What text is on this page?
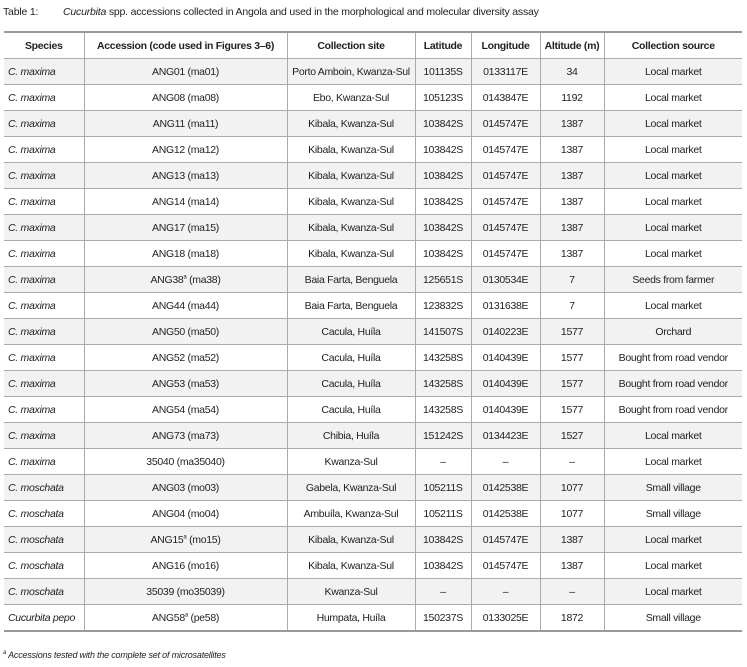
Table 1: Cucurbita spp. accessions collected in Angola and used in the morphological and molecular diversity assay
Species	Accession (code used in Figures 3–6)	Collection site	Latitude	Longitude	Altitude (m)	Collection source
C. maxima	ANG01 (ma01)	Porto Amboin, Kwanza-Sul	101135S	0133117E	34	Local market
C. maxima	ANG08 (ma08)	Ebo, Kwanza-Sul	105123S	0143847E	1192	Local market
C. maxima	ANG11 (ma11)	Kibala, Kwanza-Sul	103842S	0145747E	1387	Local market
C. maxima	ANG12 (ma12)	Kibala, Kwanza-Sul	103842S	0145747E	1387	Local market
C. maxima	ANG13 (ma13)	Kibala, Kwanza-Sul	103842S	0145747E	1387	Local market
C. maxima	ANG14 (ma14)	Kibala, Kwanza-Sul	103842S	0145747E	1387	Local market
C. maxima	ANG17 (ma15)	Kibala, Kwanza-Sul	103842S	0145747E	1387	Local market
C. maxima	ANG18 (ma18)	Kibala, Kwanza-Sul	103842S	0145747E	1387	Local market
C. maxima	ANG38$^a$ (ma38)	Baia Farta, Benguela	125651S	0130534E	7	Seeds from farmer
C. maxima	ANG44 (ma44)	Baia Farta, Benguela	123832S	0131638E	7	Local market
C. maxima	ANG50 (ma50)	Cacula, Huíla	141507S	0140223E	1577	Orchard
C. maxima	ANG52 (ma52)	Cacula, Huíla	143258S	0140439E	1577	Bought from road vendor
C. maxima	ANG53 (ma53)	Cacula, Huíla	143258S	0140439E	1577	Bought from road vendor
C. maxima	ANG54 (ma54)	Cacula, Huíla	143258S	0140439E	1577	Bought from road vendor
C. maxima	ANG73 (ma73)	Chibia, Huíla	151242S	0134423E	1527	Local market
C. maxima	35040 (ma35040)	Kwanza-Sul	–	–	–	Local market
C. moschata	ANG03 (mo03)	Gabela, Kwanza-Sul	105211S	0142538E	1077	Small village
C. moschata	ANG04 (mo04)	Ambuíla, Kwanza-Sul	105211S	0142538E	1077	Small village
C. moschata	ANG15$^a$ (mo15)	Kibala, Kwanza-Sul	103842S	0145747E	1387	Local market
C. moschata	ANG16 (mo16)	Kibala, Kwanza-Sul	103842S	0145747E	1387	Local market
C. moschata	35039 (mo35039)	Kwanza-Sul	–	–	–	Local market
Cucurbita pepo	ANG58$^a$ (pe58)	Humpata, Huíla	150237S	0133025E	1872	Small village
$^a$ Accessions tested with the complete set of microsatellites
